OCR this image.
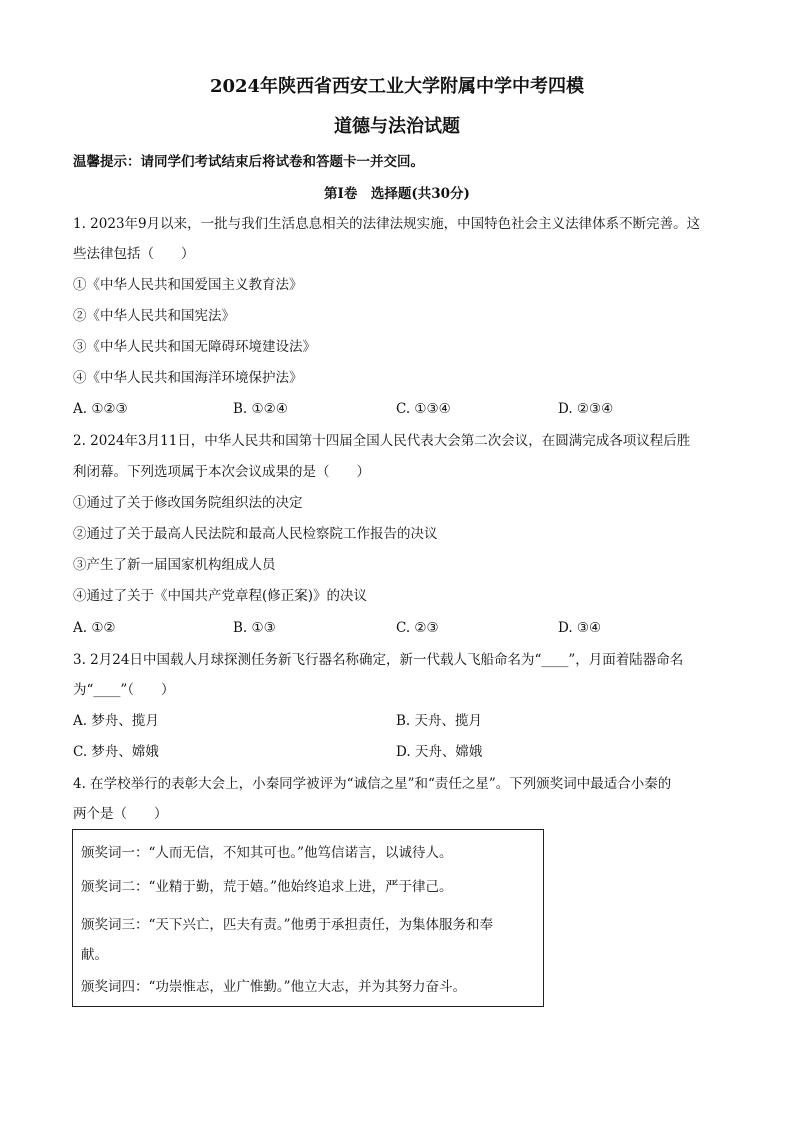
2024年陕西省西安工业大学附属中学中考四模
道德与法治试题
温馨提示：请同学们考试结束后将试卷和答题卡一并交回。
第Ⅰ卷　选择题(共30分)
1. 2023年9月以来，一批与我们生活息息相关的法律法规实施，中国特色社会主义法律体系不断完善。这
些法律包括（　　）
①《中华人民共和国爱国主义教育法》
②《中华人民共和国宪法》
③《中华人民共和国无障碍环境建设法》
④《中华人民共和国海洋环境保护法》
A. ①②③	B. ①②④	C. ①③④	D. ②③④
2. 2024年3月11日，中华人民共和国第十四届全国人民代表大会第二次会议，在圆满完成各项议程后胜
利闭幕。下列选项属于本次会议成果的是（　　）
①通过了关于修改国务院组织法的决定
②通过了关于最高人民法院和最高人民检察院工作报告的决议
③产生了新一届国家机构组成人员
④通过了关于《中国共产党章程(修正案)》的决议
A. ①②	B. ①③	C. ②③	D. ③④
3. 2月24日中国载人月球探测任务新飞行器名称确定，新一代载人飞船命名为“____”，月面着陆器命名
为“____”（　　）
A. 梦舟、揽月	B. 天舟、揽月
C. 梦舟、嫦娥	D. 天舟、嫦娥
4. 在学校举行的表彰大会上，小秦同学被评为“诚信之星”和“责任之星”。下列颁奖词中最适合小秦的
两个是（　　）
颁奖词一：“人而无信，不知其可也。”他笃信诺言，以诚待人。
颁奖词二：“业精于勤，荒于嬉。”他始终追求上进，严于律己。
颁奖词三：“天下兴亡，匹夫有责。”他勇于承担责任，为集体服务和奉
献。
颁奖词四：“功崇惟志，业广惟勤。”他立大志，并为其努力奋斗。
